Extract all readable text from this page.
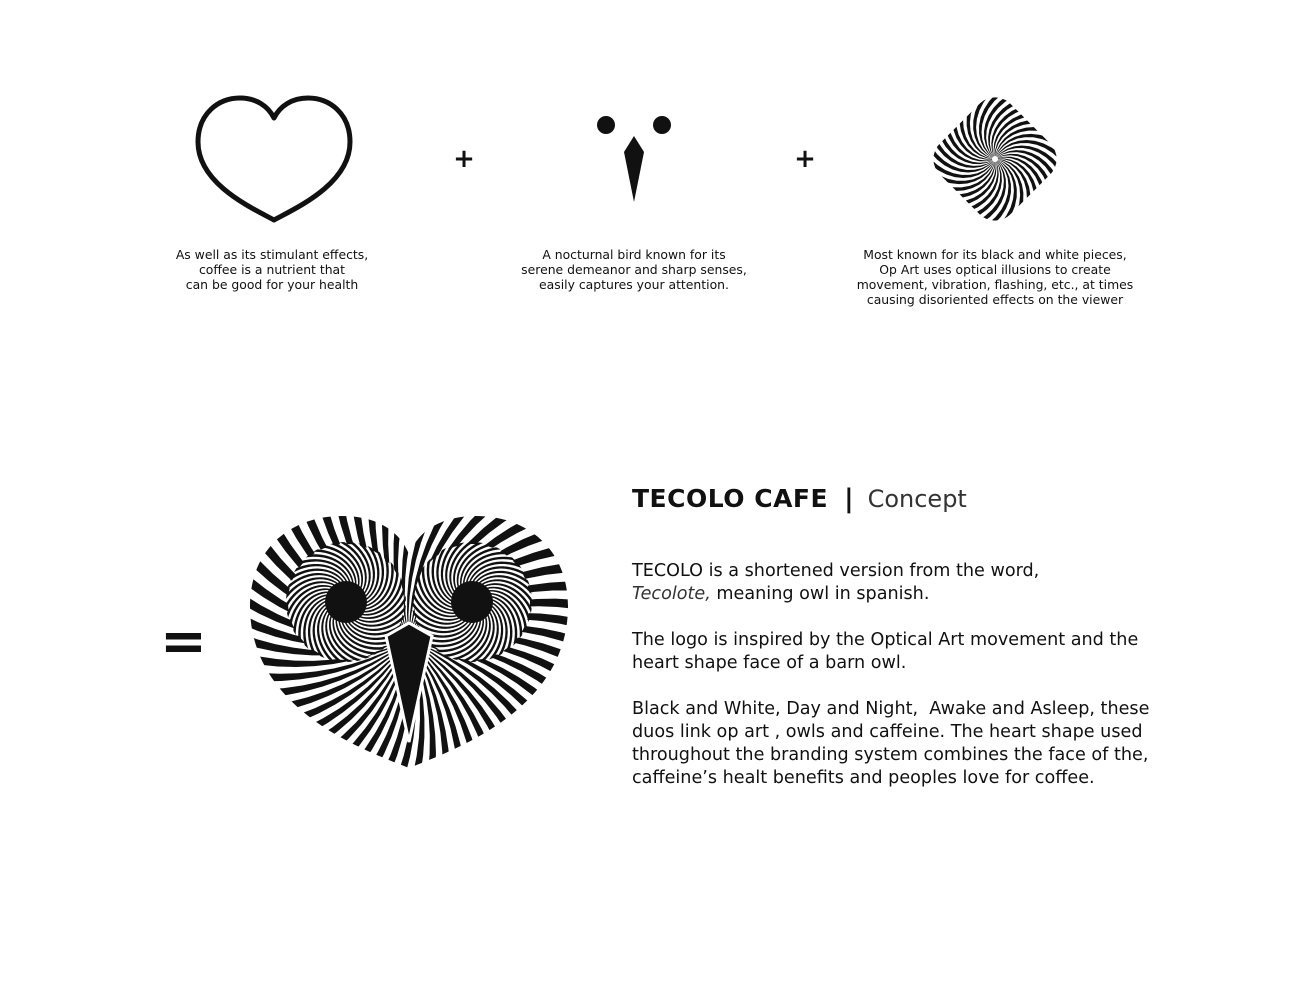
+	+
As well as its stimulant effects,
coffee is a nutrient that
can be good for your health
A nocturnal bird known for its
serene demeanor and sharp senses,
easily captures your attention.
Most known for its black and white pieces,
Op Art uses optical illusions to create
movement, vibration, flashing, etc., at times
causing disoriented effects on the viewer
=
TECOLO CAFE | Concept
TECOLO is a shortened version from the word,
Tecolote, meaning owl in spanish.
The logo is inspired by the Optical Art movement and the
heart shape face of a barn owl.
Black and White, Day and Night,  Awake and Asleep, these
duos link op art , owls and caffeine. The heart shape used
throughout the branding system combines the face of the,
caffeine’s healt benefits and peoples love for coffee.
